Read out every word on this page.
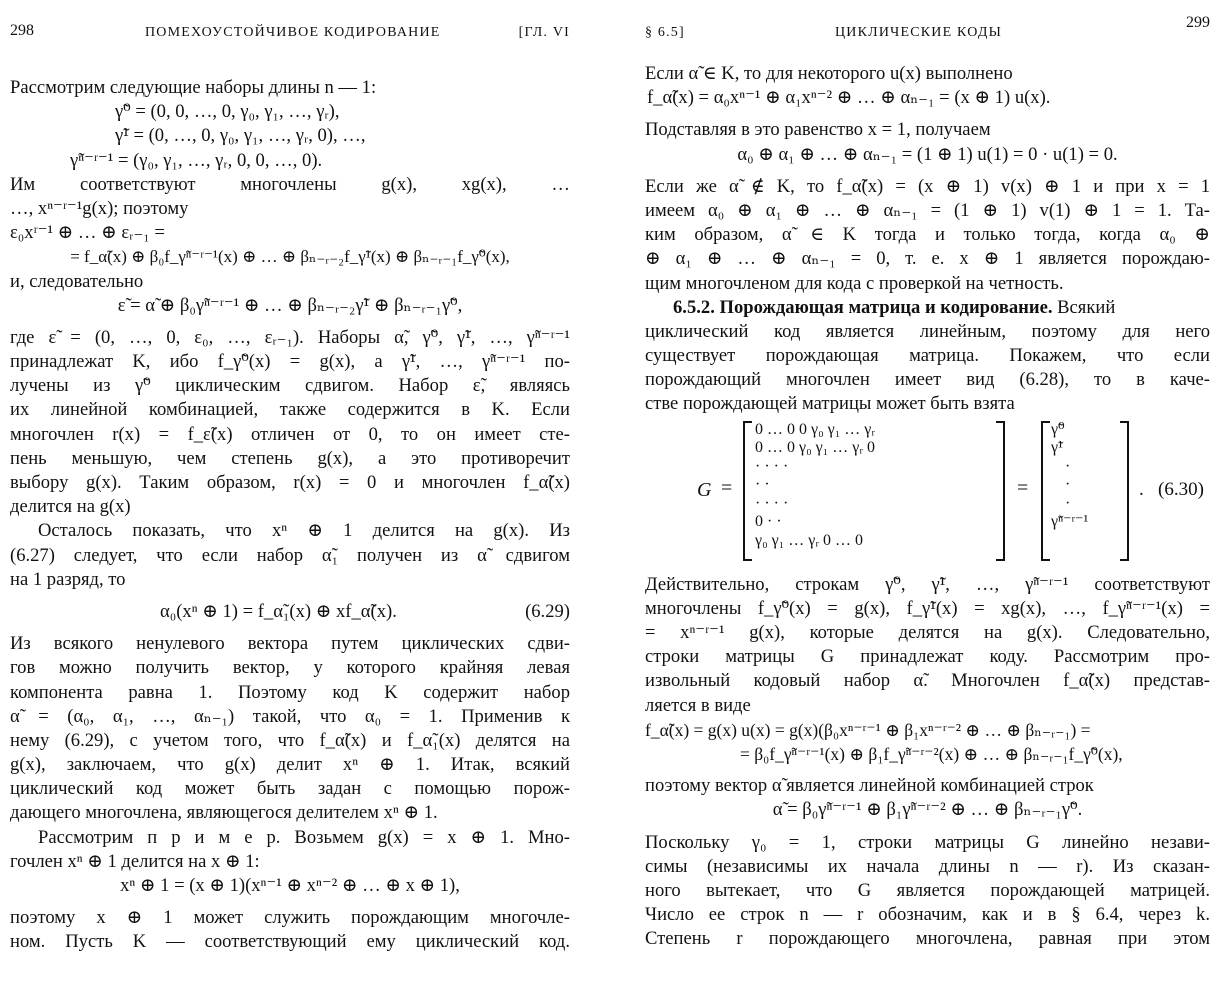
298	ПОМЕХОУСТОЙЧИВОЕ КОДИРОВАНИЕ	[ГЛ. VI
Рассмотрим следующие наборы длины n — 1:
γ̃⁰ = (0, 0, …, 0, γ₀, γ₁, …, γᵣ),
γ̃¹ = (0, …, 0, γ₀, γ₁, …, γᵣ, 0), …,
γ̃ⁿ⁻ʳ⁻¹ = (γ₀, γ₁, …, γᵣ, 0, 0, …, 0).
Им соответствуют многочлены g(x), xg(x), …
…, xⁿ⁻ʳ⁻¹g(x); поэтому
ε₀xʳ⁻¹ ⊕ … ⊕ εᵣ₋₁ =
= f_α̃(x) ⊕ β₀f_γ̃ⁿ⁻ʳ⁻¹(x) ⊕ … ⊕ βₙ₋ᵣ₋₂f_γ̃¹(x) ⊕ βₙ₋ᵣ₋₁f_γ̃⁰(x),
и, следовательно
ε̃ = α̃ ⊕ β₀γ̃ⁿ⁻ʳ⁻¹ ⊕ … ⊕ βₙ₋ᵣ₋₂γ̃¹ ⊕ βₙ₋ᵣ₋₁γ̃⁰,
где ε̃ = (0, …, 0, ε₀, …, εᵣ₋₁). Наборы α̃, γ̃⁰, γ̃¹, …, γ̃ⁿ⁻ʳ⁻¹
принадлежат K, ибо f_γ̃⁰(x) = g(x), а γ̃¹, …, γ̃ⁿ⁻ʳ⁻¹ по-
лучены из γ̃⁰ циклическим сдвигом. Набор ε̃, являясь
их линейной комбинацией, также содержится в K. Если
многочлен r(x) = f_ε̃(x) отличен от 0, то он имеет сте-
пень меньшую, чем степень g(x), а это противоречит
выбору g(x). Таким образом, r(x) = 0 и многочлен f_α̃(x)
делится на g(x)
Осталось показать, что xⁿ ⊕ 1 делится на g(x). Из
(6.27) следует, что если набор α̃₁ получен из α̃ сдвигом
на 1 разряд, то
α₀(xⁿ ⊕ 1) = f_α̃₁(x) ⊕ xf_α̃(x).	(6.29)
Из всякого ненулевого вектора путем циклических сдви-
гов можно получить вектор, у которого крайняя левая
компонента равна 1. Поэтому код K содержит набор
α̃ = (α₀, α₁, …, αₙ₋₁) такой, что α₀ = 1. Применив к
нему (6.29), с учетом того, что f_α̃(x) и f_α̃₁(x) делятся на
g(x), заключаем, что g(x) делит xⁿ ⊕ 1. Итак, всякий
циклический код может быть задан с помощью порож-
дающего многочлена, являющегося делителем xⁿ ⊕ 1.
Рассмотрим п р и м е р. Возьмем g(x) = x ⊕ 1. Мно-
гочлен xⁿ ⊕ 1 делится на x ⊕ 1:
xⁿ ⊕ 1 = (x ⊕ 1)(xⁿ⁻¹ ⊕ xⁿ⁻² ⊕ … ⊕ x ⊕ 1),
поэтому x ⊕ 1 может служить порождающим многочле-
ном. Пусть K — соответствующий ему циклический код.
§ 6.5]	ЦИКЛИЧЕСКИЕ КОДЫ
299
Если α̃ ∈ K, то для некоторого u(x) выполнено
f_α̃(x) = α₀xⁿ⁻¹ ⊕ α₁xⁿ⁻² ⊕ … ⊕ αₙ₋₁ = (x ⊕ 1) u(x).
Подставляя в это равенство x = 1, получаем
α₀ ⊕ α₁ ⊕ … ⊕ αₙ₋₁ = (1 ⊕ 1) u(1) = 0 · u(1) = 0.
Если же α̃ ∉ K, то f_α̃(x) = (x ⊕ 1) v(x) ⊕ 1 и при x = 1
имеем α₀ ⊕ α₁ ⊕ … ⊕ αₙ₋₁ = (1 ⊕ 1) v(1) ⊕ 1 = 1. Та-
ким образом, α̃ ∈ K тогда и только тогда, когда α₀ ⊕
⊕ α₁ ⊕ … ⊕ αₙ₋₁ = 0, т. е. x ⊕ 1 является порождаю-
щим многочленом для кода с проверкой на четность.
6.5.2. Порождающая матрица и кодирование. Всякий
циклический код является линейным, поэтому для него
существует порождающая матрица. Покажем, что если
порождающий многочлен имеет вид (6.28), то в каче-
стве порождающей матрицы может быть взята
G =
0 … 0 0 γ₀ γ₁ … γᵣ
0 … 0 γ₀ γ₁ … γᵣ 0
· · · ·
· ·
· · · ·
0 · ·
γ₀ γ₁ … γᵣ 0 … 0
=
γ̃⁰
γ̃¹
·
·
·
γ̃ⁿ⁻ʳ⁻¹
.   (6.30)
Действительно, строкам γ̃⁰, γ̃¹, …, γ̃ⁿ⁻ʳ⁻¹ соответствуют
многочлены f_γ̃⁰(x) = g(x), f_γ̃¹(x) = xg(x), …, f_γ̃ⁿ⁻ʳ⁻¹(x) =
= xⁿ⁻ʳ⁻¹ g(x), которые делятся на g(x). Следовательно,
строки матрицы G принадлежат коду. Рассмотрим про-
извольный кодовый набор α̃. Многочлен f_α̃(x) представ-
ляется в виде
f_α̃(x) = g(x) u(x) = g(x)(β₀xⁿ⁻ʳ⁻¹ ⊕ β₁xⁿ⁻ʳ⁻² ⊕ … ⊕ βₙ₋ᵣ₋₁) =
= β₀f_γ̃ⁿ⁻ʳ⁻¹(x) ⊕ β₁f_γ̃ⁿ⁻ʳ⁻²(x) ⊕ … ⊕ βₙ₋ᵣ₋₁f_γ̃⁰(x),
поэтому вектор α̃ является линейной комбинацией строк
α̃ = β₀γ̃ⁿ⁻ʳ⁻¹ ⊕ β₁γ̃ⁿ⁻ʳ⁻² ⊕ … ⊕ βₙ₋ᵣ₋₁γ̃⁰.
Поскольку γ₀ = 1, строки матрицы G линейно незави-
симы (независимы их начала длины n — r). Из сказан-
ного вытекает, что G является порождающей матрицей.
Число ее строк n — r обозначим, как и в § 6.4, через k.
Степень r порождающего многочлена, равная при этом
